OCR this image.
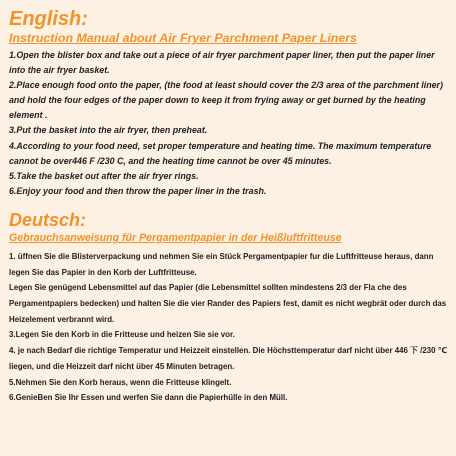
English:
Instruction Manual about Air Fryer Parchment Paper Liners
1.Open the blister box and take out a piece of air fryer parchment paper liner, then put the paper liner into the air fryer basket.
2.Place enough food onto the paper, (the food at least should cover the 2/3 area of the parchment liner) and hold the four edges of the paper down to keep it from frying away or get burned by the heating element .
3.Put the basket into the air fryer, then preheat.
4.According to your food need, set proper temperature and heating time. The maximum temperature cannot be over446 F /230 C, and the heating time cannot be over 45 minutes.
5.Take the basket out after the air fryer rings.
6.Enjoy your food and then throw the paper liner in the trash.
Deutsch:
Gebrauchsanweisung für Pergamentpapier in der Heißluftfritteuse
1. üffnen Sie die Blisterverpackung und nehmen Sie ein Stück Pergamentpapier fur die Luftfritteuse heraus, dann legen Sie das Papier in den Korb der Luftfritteuse.
Legen Sie genügend Lebensmittel auf das Papier (die Lebensmittel sollten mindestens 2/3 der Fla che des Pergamentpapiers bedecken) und halten Sie die vier Rander des Papiers fest, damit es nicht wegbrät oder durch das Heizelement verbrannt wird.
3.Legen Sie den Korb in die Fritteuse und heizen Sie sie vor.
4. je nach Bedarf die richtige Temperatur und Heizzeit einstellen. Die Höchsttemperatur darf nicht über 446 下 /230 ℃ liegen, und die Heizzeit darf nicht über 45 Minuten betragen.
5.Nehmen Sie den Korb heraus, wenn die Fritteuse klingelt.
6.GenieBen Sie Ihr Essen und werfen Sie dann die Papierhülle in den Müll.
